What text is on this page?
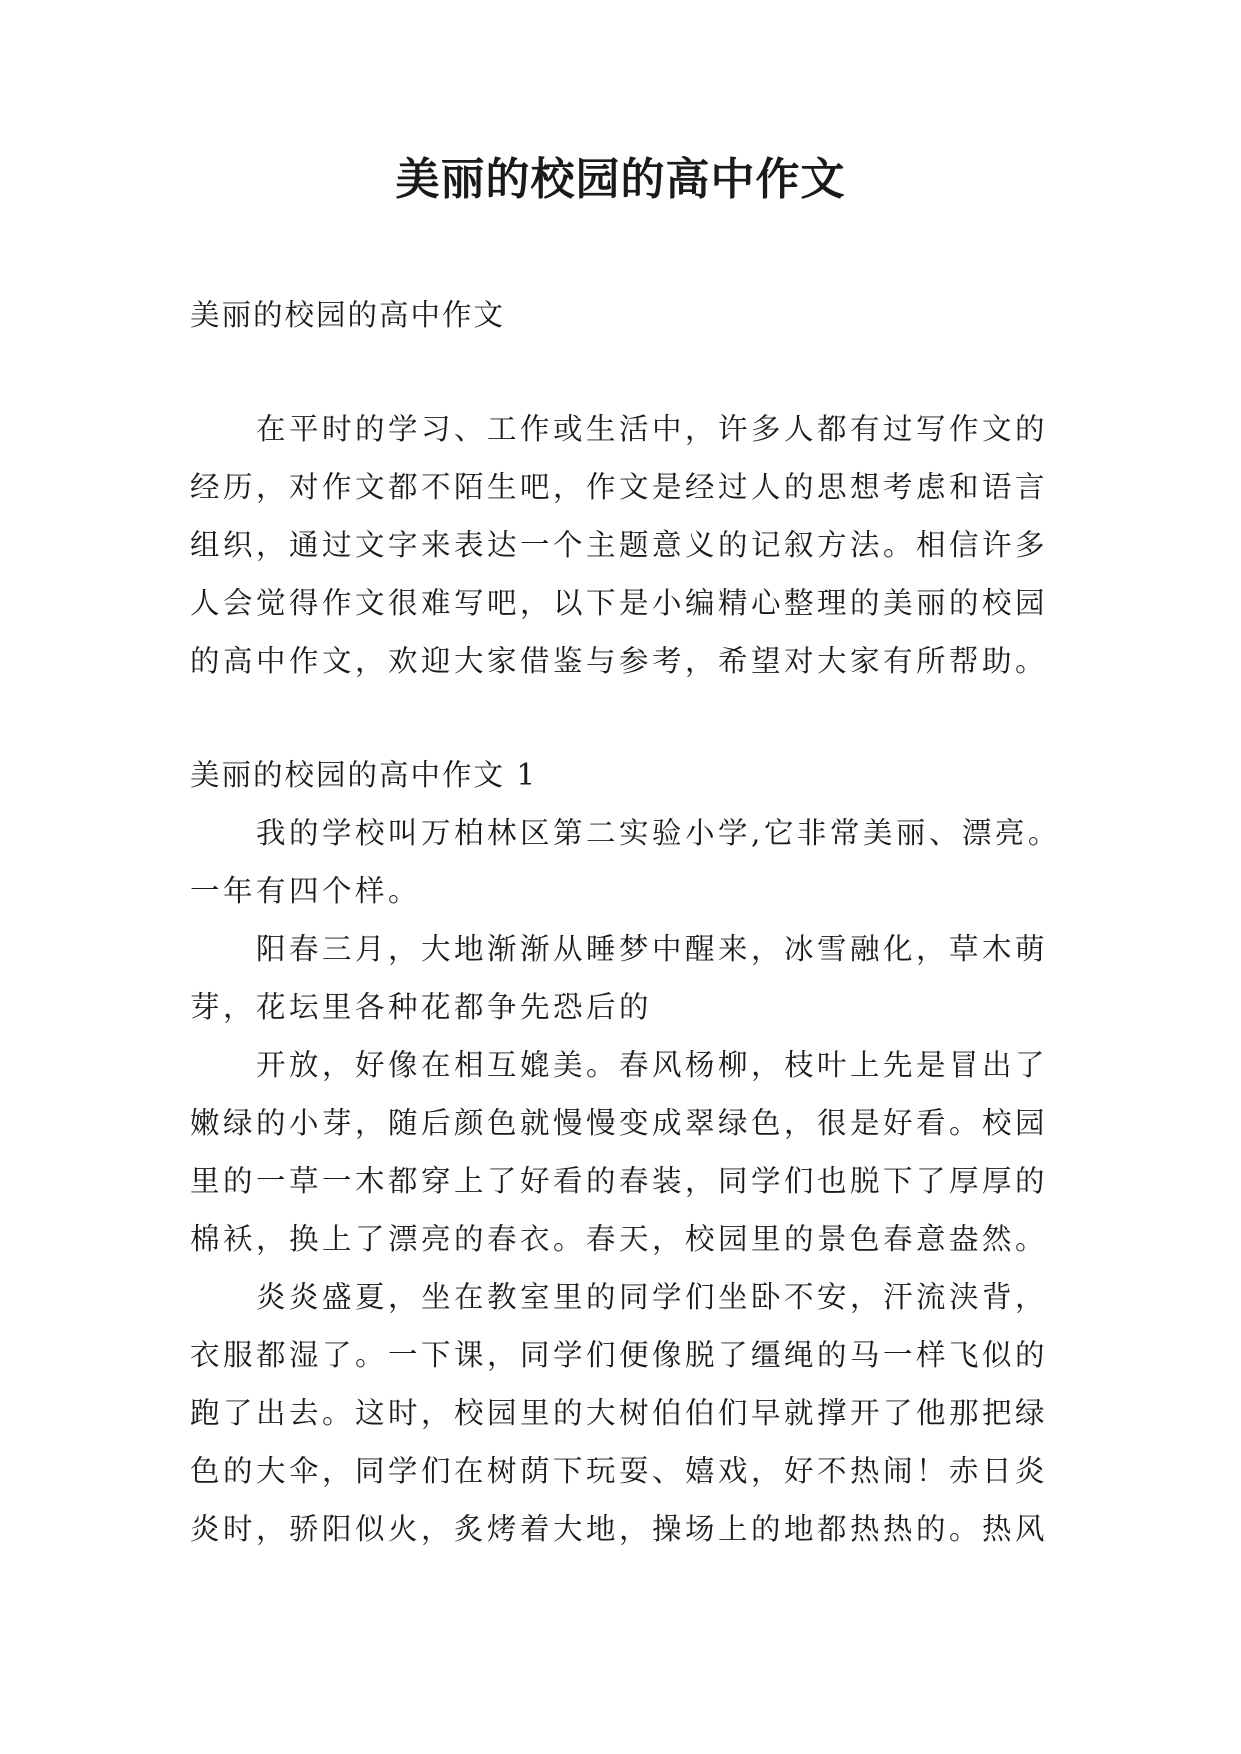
美丽的校园的高中作文

美丽的校园的高中作文

在平时的学习、工作或生活中，许多人都有过写作文的经历，对作文都不陌生吧，作文是经过人的思想考虑和语言组织，通过文字来表达一个主题意义的记叙方法。相信许多人会觉得作文很难写吧，以下是小编精心整理的美丽的校园的高中作文，欢迎大家借鉴与参考，希望对大家有所帮助。

美丽的校园的高中作文 1

我的学校叫万柏林区第二实验小学,它非常美丽、漂亮。一年有四个样。

阳春三月，大地渐渐从睡梦中醒来，冰雪融化，草木萌芽，花坛里各种花都争先恐后的

开放，好像在相互媲美。春风杨柳，枝叶上先是冒出了嫩绿的小芽，随后颜色就慢慢变成翠绿色，很是好看。校园里的一草一木都穿上了好看的春装，同学们也脱下了厚厚的棉袄，换上了漂亮的春衣。春天，校园里的景色春意盎然。

炎炎盛夏，坐在教室里的同学们坐卧不安，汗流浃背，衣服都湿了。一下课，同学们便像脱了缰绳的马一样飞似的跑了出去。这时，校园里的大树伯伯们早就撑开了他那把绿色的大伞，同学们在树荫下玩耍、嬉戏，好不热闹！赤日炎炎时，骄阳似火，炙烤着大地，操场上的地都热热的。热风
